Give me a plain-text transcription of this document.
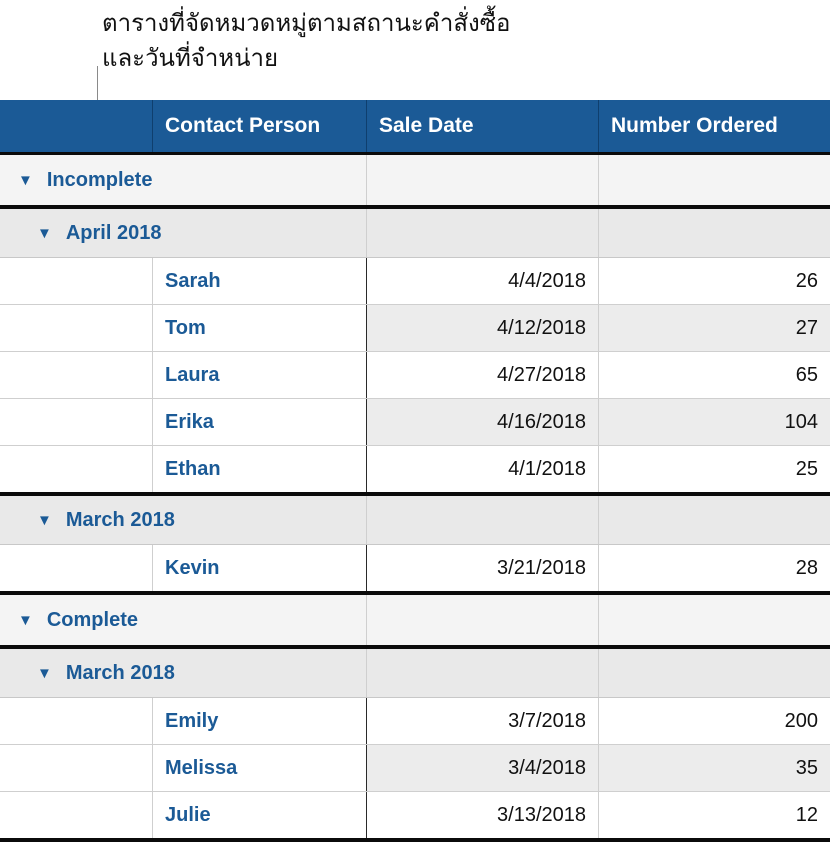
ตารางที่จัดหมวดหมู่ตามสถานะคำสั่งซื้อ
และวันที่จำหน่าย
Contact Person	Sale Date	Number Ordered
▼ Incomplete
▼ April 2018
Sarah	4/4/2018	26
Tom	4/12/2018	27
Laura	4/27/2018	65
Erika	4/16/2018	104
Ethan	4/1/2018	25
▼ March 2018
Kevin	3/21/2018	28
▼ Complete
▼ March 2018
Emily	3/7/2018	200
Melissa	3/4/2018	35
Julie	3/13/2018	12
